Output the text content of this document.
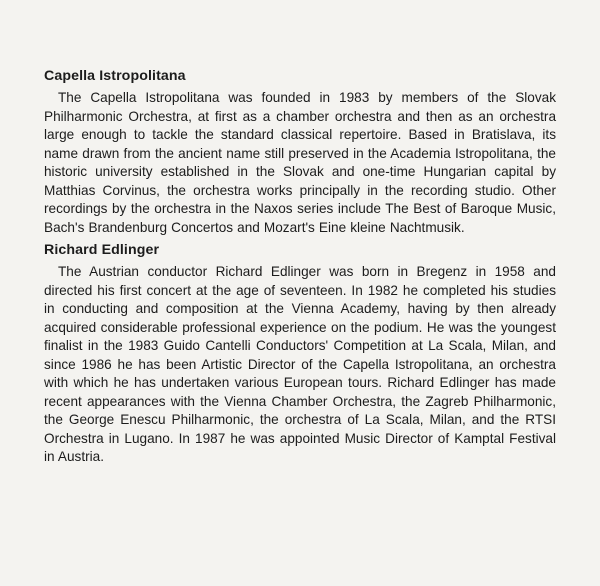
Capella Istropolitana

The Capella Istropolitana was founded in 1983 by members of the Slovak Philharmonic Orchestra, at first as a chamber orchestra and then as an orchestra large enough to tackle the standard classical repertoire. Based in Bratislava, its name drawn from the ancient name still preserved in the Academia Istropolitana, the historic university established in the Slovak and one-time Hungarian capital by Matthias Corvinus, the orchestra works principally in the recording studio. Other recordings by the orchestra in the Naxos series include The Best of Baroque Music, Bach's Brandenburg Concertos and Mozart's Eine kleine Nachtmusik.

Richard Edlinger

The Austrian conductor Richard Edlinger was born in Bregenz in 1958 and directed his first concert at the age of seventeen. In 1982 he completed his studies in conducting and composition at the Vienna Academy, having by then already acquired considerable professional experience on the podium. He was the youngest finalist in the 1983 Guido Cantelli Conductors' Competition at La Scala, Milan, and since 1986 he has been Artistic Director of the Capella Istropolitana, an orchestra with which he has undertaken various European tours. Richard Edlinger has made recent appearances with the Vienna Chamber Orchestra, the Zagreb Philharmonic, the George Enescu Philharmonic, the orchestra of La Scala, Milan, and the RTSI Orchestra in Lugano. In 1987 he was appointed Music Director of Kamptal Festival in Austria.
